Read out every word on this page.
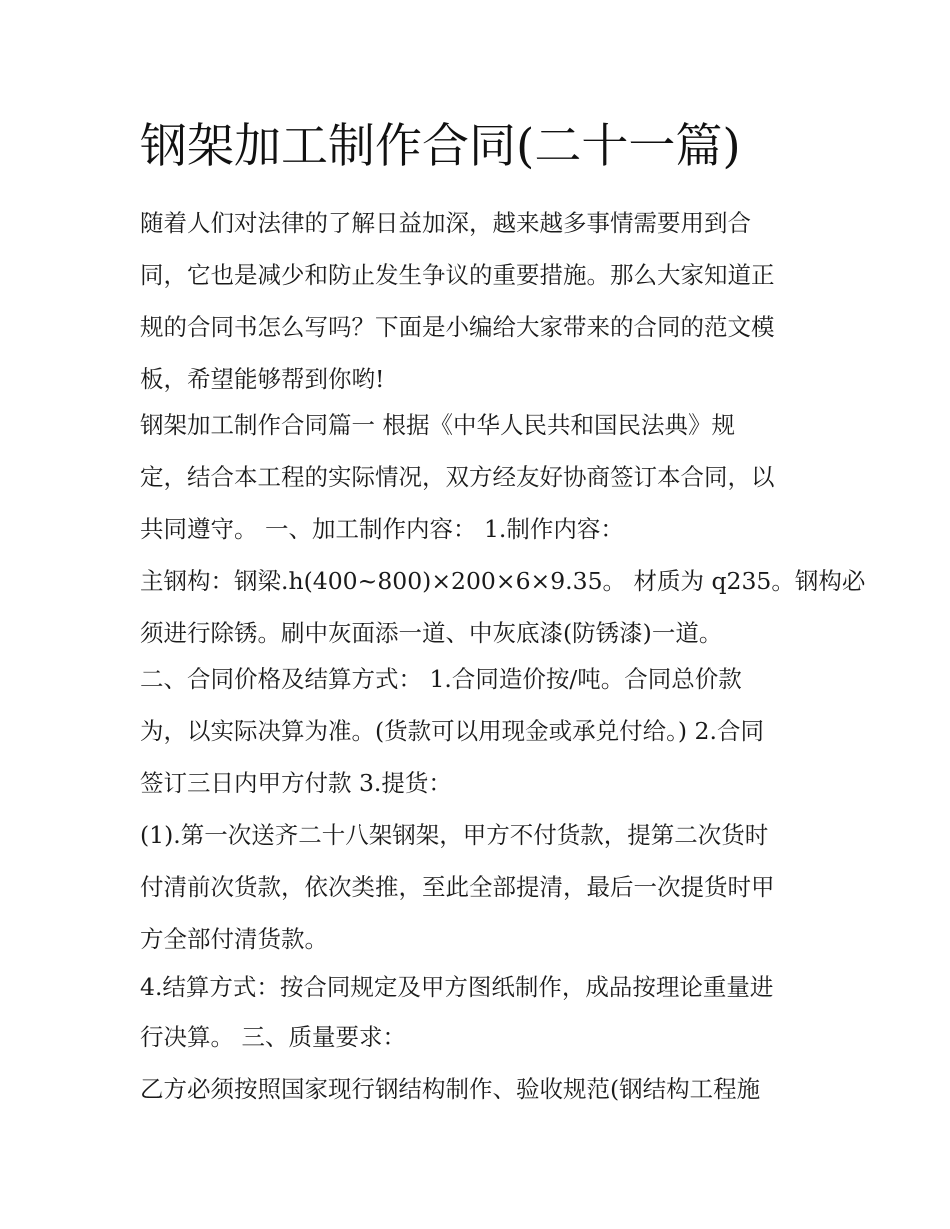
钢架加工制作合同(二十一篇)
随着人们对法律的了解日益加深，越来越多事情需要用到合
同，它也是减少和防止发生争议的重要措施。那么大家知道正
规的合同书怎么写吗？下面是小编给大家带来的合同的范文模
板，希望能够帮到你哟!
钢架加工制作合同篇一 根据《中华人民共和国民法典》规
定，结合本工程的实际情况，双方经友好协商签订本合同，以
共同遵守。 一、加工制作内容： 1.制作内容：
主钢构：钢梁.h(400~800)×200×6×9.35。 材质为 q235。钢构必
须进行除锈。刷中灰面添一道、中灰底漆(防锈漆)一道。
二、合同价格及结算方式： 1.合同造价按/吨。合同总价款
为，以实际决算为准。(货款可以用现金或承兑付给。) 2.合同
签订三日内甲方付款 3.提货：
(1).第一次送齐二十八架钢架，甲方不付货款，提第二次货时
付清前次货款，依次类推，至此全部提清，最后一次提货时甲
方全部付清货款。
4.结算方式：按合同规定及甲方图纸制作，成品按理论重量进
行决算。 三、质量要求：
乙方必须按照国家现行钢结构制作、验收规范(钢结构工程施
